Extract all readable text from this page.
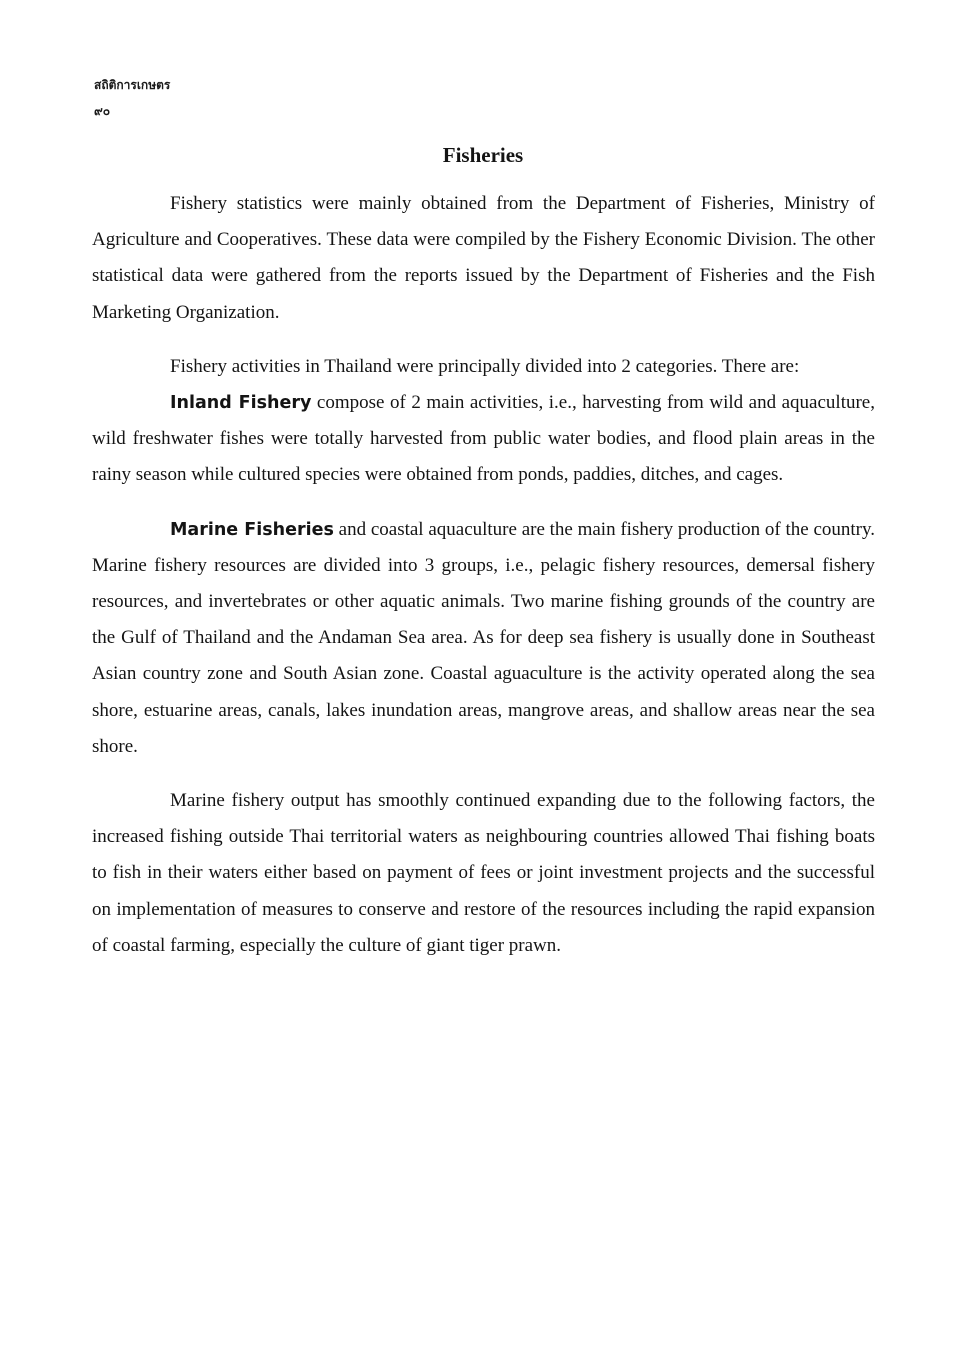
สถิติการเกษตร
๙๐
Fisheries

Fishery statistics were mainly obtained from the Department of Fisheries, Ministry of Agriculture and Cooperatives. These data were compiled by the Fishery Economic Division. The other statistical data were gathered from the reports issued by the Department of Fisheries and the Fish Marketing Organization.

Fishery activities in Thailand were principally divided into 2 categories. There are:

Inland Fishery compose of 2 main activities, i.e., harvesting from wild and aquaculture, wild freshwater fishes were totally harvested from public water bodies, and flood plain areas in the rainy season while cultured species were obtained from ponds, paddies, ditches, and cages.

Marine Fisheries and coastal aquaculture are the main fishery production of the country. Marine fishery resources are divided into 3 groups, i.e., pelagic fishery resources, demersal fishery resources, and invertebrates or other aquatic animals. Two marine fishing grounds of the country are the Gulf of Thailand and the Andaman Sea area. As for deep sea fishery is usually done in Southeast Asian country zone and South Asian zone. Coastal aguaculture is the activity operated along the sea shore, estuarine areas, canals, lakes inundation areas, mangrove areas, and shallow areas near the sea shore.

Marine fishery output has smoothly continued expanding due to the following factors, the increased fishing outside Thai territorial waters as neighbouring countries allowed Thai fishing boats to fish in their waters either based on payment of fees or joint investment projects and the successful on implementation of measures to conserve and restore of the resources including the rapid expansion of coastal farming, especially the culture of giant tiger prawn.
